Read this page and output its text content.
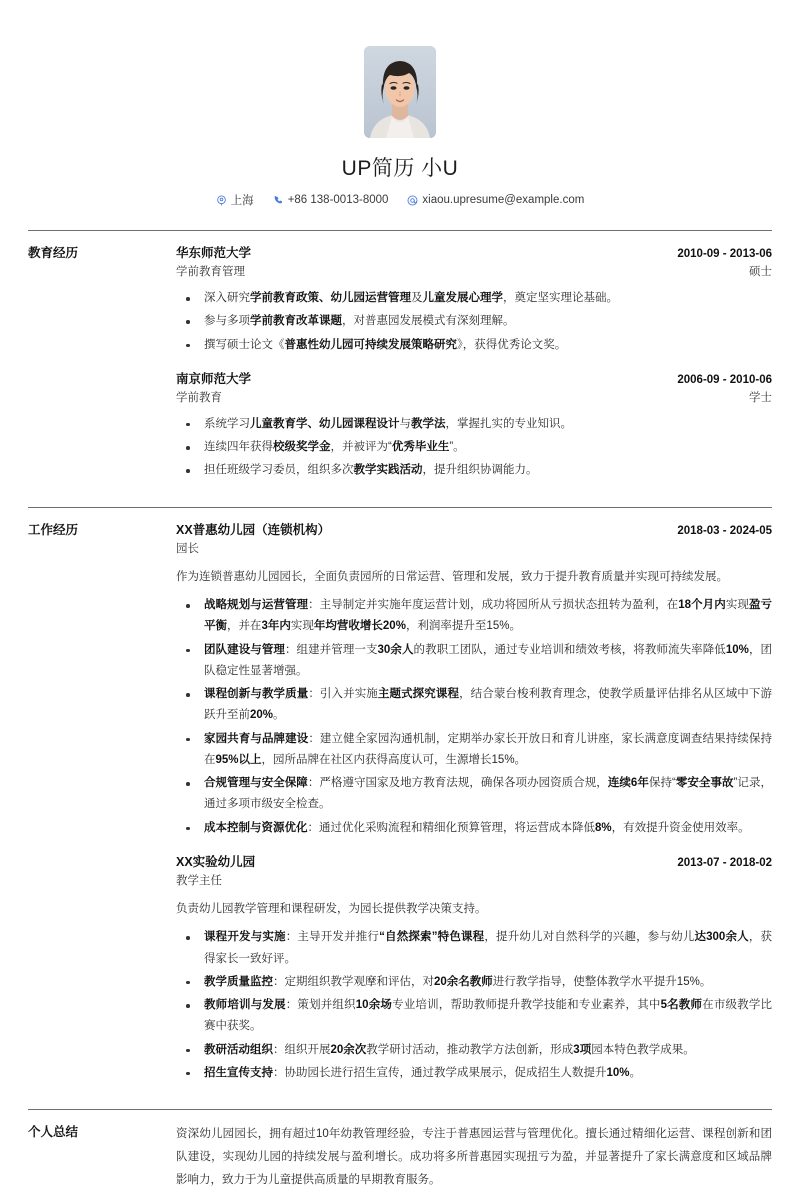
UP简历 小U
上海	+86 138-0013-8000	xiaou.upresume@example.com
教育经历	华东师范大学	2010-09 - 2013-06
学前教育管理	硕士
深入研究学前教育政策、幼儿园运营管理及儿童发展心理学，奠定坚实理论基础。
参与多项学前教育改革课题，对普惠园发展模式有深刻理解。
撰写硕士论文《普惠性幼儿园可持续发展策略研究》，获得优秀论文奖。
南京师范大学	2006-09 - 2010-06
学前教育	学士
系统学习儿童教育学、幼儿园课程设计与教学法，掌握扎实的专业知识。
连续四年获得校级奖学金，并被评为“优秀毕业生”。
担任班级学习委员，组织多次教学实践活动，提升组织协调能力。
工作经历	XX普惠幼儿园（连锁机构）	2018-03 - 2024-05
园长
作为连锁普惠幼儿园园长，全面负责园所的日常运营、管理和发展，致力于提升教育质量并实现可持续发展。
战略规划与运营管理：主导制定并实施年度运营计划，成功将园所从亏损状态扭转为盈利，在18个月内实现盈亏平衡，并在3年内实现年均营收增长20%，利润率提升至15%。
团队建设与管理：组建并管理一支30余人的教职工团队，通过专业培训和绩效考核，将教师流失率降低10%，团队稳定性显著增强。
课程创新与教学质量：引入并实施主题式探究课程，结合蒙台梭利教育理念，使教学质量评估排名从区域中下游跃升至前20%。
家园共育与品牌建设：建立健全家园沟通机制，定期举办家长开放日和育儿讲座，家长满意度调查结果持续保持在95%以上，园所品牌在社区内获得高度认可，生源增长15%。
合规管理与安全保障：严格遵守国家及地方教育法规，确保各项办园资质合规，连续6年保持“零安全事故”记录，通过多项市级安全检查。
成本控制与资源优化：通过优化采购流程和精细化预算管理，将运营成本降低8%，有效提升资金使用效率。
XX实验幼儿园	2013-07 - 2018-02
教学主任
负责幼儿园教学管理和课程研发，为园长提供教学决策支持。
课程开发与实施：主导开发并推行“自然探索”特色课程，提升幼儿对自然科学的兴趣，参与幼儿达300余人，获得家长一致好评。
教学质量监控：定期组织教学观摩和评估，对20余名教师进行教学指导，使整体教学水平提升15%。
教师培训与发展：策划并组织10余场专业培训，帮助教师提升教学技能和专业素养，其中5名教师在市级教学比赛中获奖。
教研活动组织：组织开展20余次教学研讨活动，推动教学方法创新，形成3项园本特色教学成果。
招生宣传支持：协助园长进行招生宣传，通过教学成果展示，促成招生人数提升10%。
个人总结	资深幼儿园园长，拥有超过10年幼教管理经验，专注于普惠园运营与管理优化。擅长通过精细化运营、课程创新和团队建设，实现幼儿园的持续发展与盈利增长。成功将多所普惠园实现扭亏为盈，并显著提升了家长满意度和区域品牌影响力，致力于为儿童提供高质量的早期教育服务。
